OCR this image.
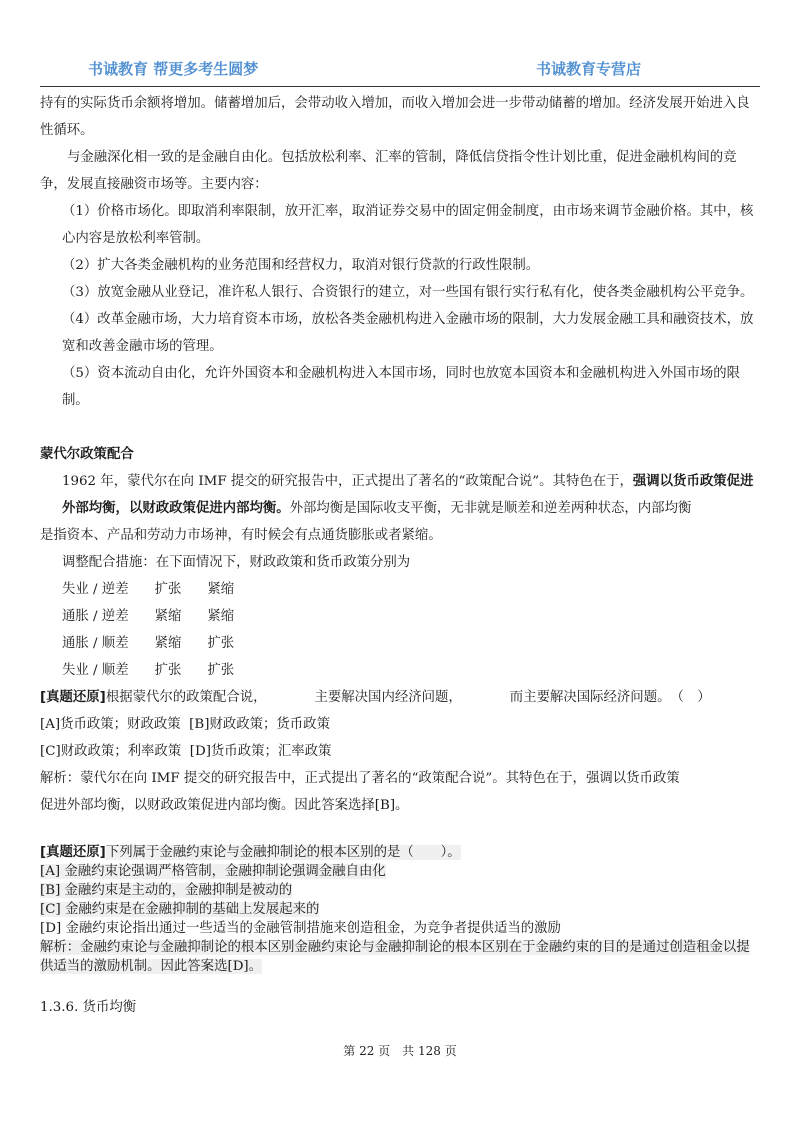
书诚教育 帮更多考生圆梦	书诚教育专营店

持有的实际货币余额将增加。储蓄增加后，会带动收入增加，而收入增加会进一步带动储蓄的增加。经济发展开始进入良性循环。

与金融深化相一致的是金融自由化。包括放松利率、汇率的管制，降低信贷指令性计划比重，促进金融机构间的竞争，发展直接融资市场等。主要内容：

（1）价格市场化。即取消利率限制，放开汇率，取消证券交易中的固定佣金制度，由市场来调节金融价格。其中，核心内容是放松利率管制。

（2）扩大各类金融机构的业务范围和经营权力，取消对银行贷款的行政性限制。

（3）放宽金融从业登记，准许私人银行、合资银行的建立，对一些国有银行实行私有化，使各类金融机构公平竞争。

（4）改革金融市场，大力培育资本市场，放松各类金融机构进入金融市场的限制，大力发展金融工具和融资技术，放宽和改善金融市场的管理。

（5）资本流动自由化，允许外国资本和金融机构进入本国市场，同时也放宽本国资本和金融机构进入外国市场的限制。

蒙代尔政策配合

1962 年，蒙代尔在向 IMF 提交的研究报告中，正式提出了著名的“政策配合说”。其特色在于，强调以货币政策促进外部均衡，以财政政策促进内部均衡。外部均衡是国际收支平衡，无非就是顺差和逆差两种状态，内部均衡

是指资本、产品和劳动力市场神，有时候会有点通货膨胀或者紧缩。

调整配合措施：在下面情况下，财政政策和货币政策分别为

失业 / 逆差 扩张 紧缩

通胀 / 逆差 紧缩 紧缩

通胀 / 顺差 紧缩 扩张

失业 / 顺差 扩张 扩张

[真题还原]根据蒙代尔的政策配合说，	主要解决国内经济问题，	而主要解决国际经济问题。　（　）

[A]货币政策；财政政策 [B]财政政策；货币政策

[C]财政政策；利率政策 [D]货币政策；汇率政策

解析：蒙代尔在向 IMF 提交的研究报告中，正式提出了著名的“政策配合说”。其特色在于，强调以货币政策

促进外部均衡，以财政政策促进内部均衡。因此答案选择[B]。

[真题还原]下列属于金融约束论与金融抑制论的根本区别的是（　　）。

[A] 金融约束论强调严格管制，金融抑制论强调金融自由化

[B] 金融约束是主动的，金融抑制是被动的

[C] 金融约束是在金融抑制的基础上发展起来的

[D] 金融约束论指出通过一些适当的金融管制措施来创造租金，为竞争者提供适当的激励

解析：金融约束论与金融抑制论的根本区别金融约束论与金融抑制论的根本区别在于金融约束的目的是通过创造租金以提供适当的激励机制。因此答案选[D]。

1.3.6. 货币均衡

第 22 页　共 128 页
